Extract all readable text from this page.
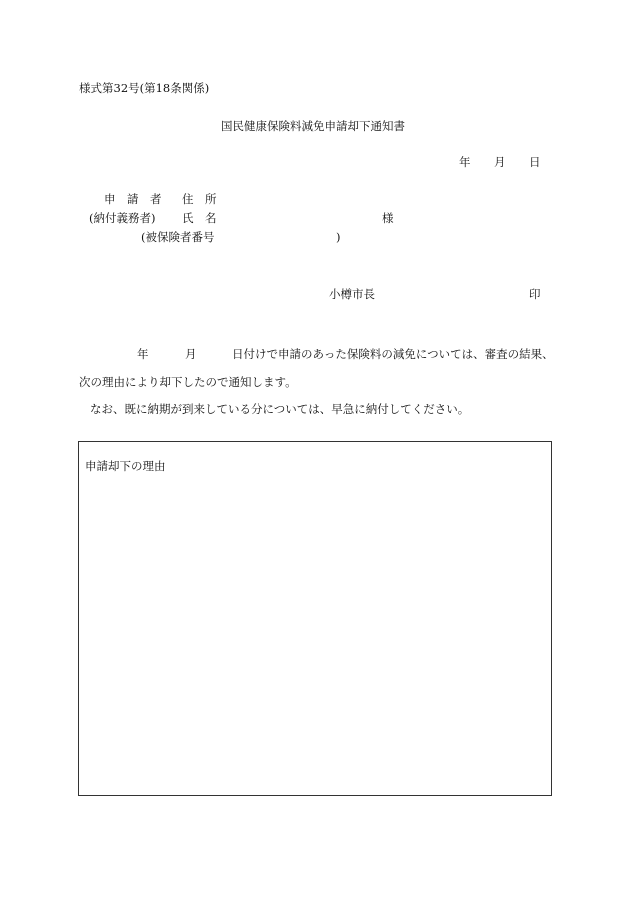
様式第32号(第18条関係)
国民健康保険料減免申請却下通知書
年 月 日
申　請　者 住　所
(納付義務者) 氏　名	様
(被保険者番号	)
小樽市長	印
年	月	日付けで申請のあった保険料の減免については、審査の結果、
次の理由により却下したので通知します。
なお、既に納期が到来している分については、早急に納付してください。
申請却下の理由
